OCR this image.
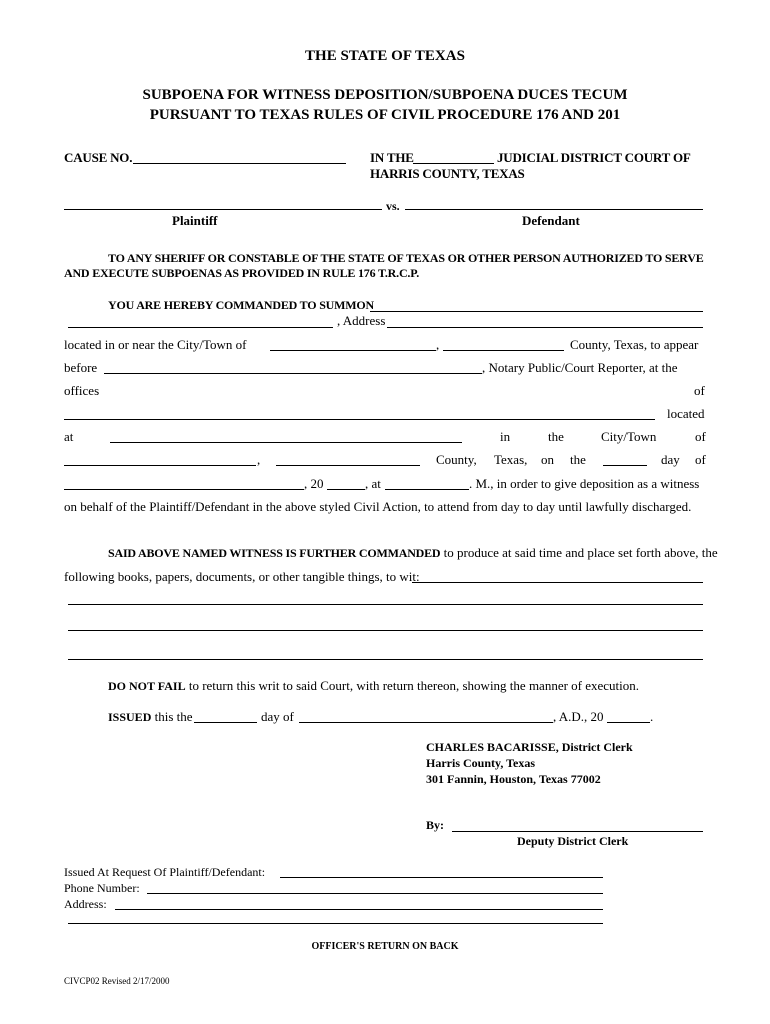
THE STATE OF TEXAS
SUBPOENA FOR WITNESS DEPOSITION/SUBPOENA DUCES TECUM
PURSUANT TO TEXAS RULES OF CIVIL PROCEDURE 176 AND 201
CAUSE NO.	IN THE	JUDICIAL DISTRICT COURT OF
HARRIS COUNTY, TEXAS
vs.
Plaintiff	Defendant
TO ANY SHERIFF OR CONSTABLE OF THE STATE OF TEXAS OR OTHER PERSON AUTHORIZED TO SERVE
AND EXECUTE SUBPOENAS AS PROVIDED IN RULE 176 T.R.C.P.
YOU ARE HEREBY COMMANDED TO SUMMON
, Address
located in or near the City/Town of	,	County, Texas, to appear
before	, Notary Public/Court Reporter, at the
offices	of
located
at	in	the	City/Town	of
,	County, Texas, on the	day of
, 20	, at	. M., in order to give deposition as a witness
on behalf of the Plaintiff/Defendant in the above styled Civil Action, to attend from day to day until lawfully discharged.
SAID ABOVE NAMED WITNESS IS FURTHER COMMANDED to produce at said time and place set forth above, the
following books, papers, documents, or other tangible things, to wit:
DO NOT FAIL to return this writ to said Court, with return thereon, showing the manner of execution.
ISSUED this the	day of	, A.D., 20	.
CHARLES BACARISSE, District Clerk
Harris County, Texas
301 Fannin, Houston, Texas 77002
By:
Deputy District Clerk
Issued At Request Of Plaintiff/Defendant:
Phone Number:
Address:
OFFICER'S RETURN ON BACK
CIVCP02 Revised 2/17/2000
